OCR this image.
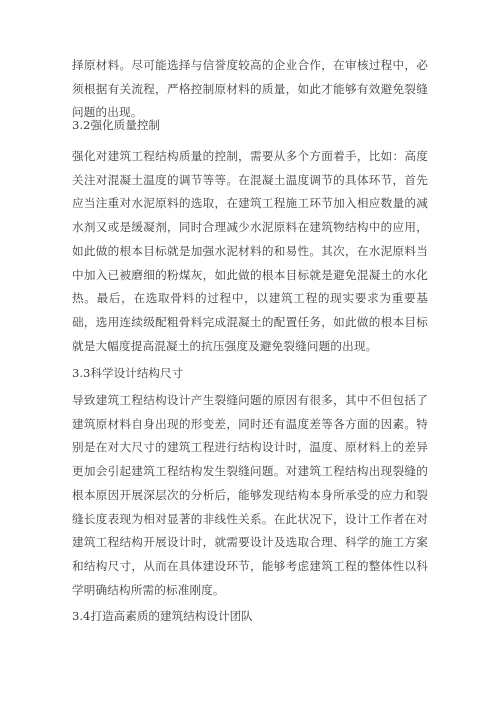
择原材料。尽可能选择与信誉度较高的企业合作，在审核过程中，必须根据有关流程，严格控制原材料的质量，如此才能够有效避免裂缝问题的出现。

3.2强化质量控制

强化对建筑工程结构质量的控制，需要从多个方面着手，比如：高度关注对混凝土温度的调节等等。在混凝土温度调节的具体环节，首先应当注重对水泥原料的选取，在建筑工程施工环节加入相应数量的减水剂又或是缓凝剂，同时合理减少水泥原料在建筑物结构中的应用，如此做的根本目标就是加强水泥材料的和易性。其次，在水泥原料当中加入已被磨细的粉煤灰，如此做的根本目标就是避免混凝土的水化热。最后，在选取骨料的过程中，以建筑工程的现实要求为重要基础，选用连续级配粗骨料完成混凝土的配置任务，如此做的根本目标就是大幅度提高混凝土的抗压强度及避免裂缝问题的出现。

3.3科学设计结构尺寸

导致建筑工程结构设计产生裂缝问题的原因有很多，其中不但包括了建筑原材料自身出现的形变差，同时还有温度差等各方面的因素。特别是在对大尺寸的建筑工程进行结构设计时，温度、原材料上的差异更加会引起建筑工程结构发生裂缝问题。对建筑工程结构出现裂缝的根本原因开展深层次的分析后，能够发现结构本身所承受的应力和裂缝长度表现为相对显著的非线性关系。在此状况下，设计工作者在对建筑工程结构开展设计时，就需要设计及选取合理、科学的施工方案和结构尺寸，从而在具体建设环节，能够考虑建筑工程的整体性以科学明确结构所需的标准刚度。

3.4打造高素质的建筑结构设计团队
